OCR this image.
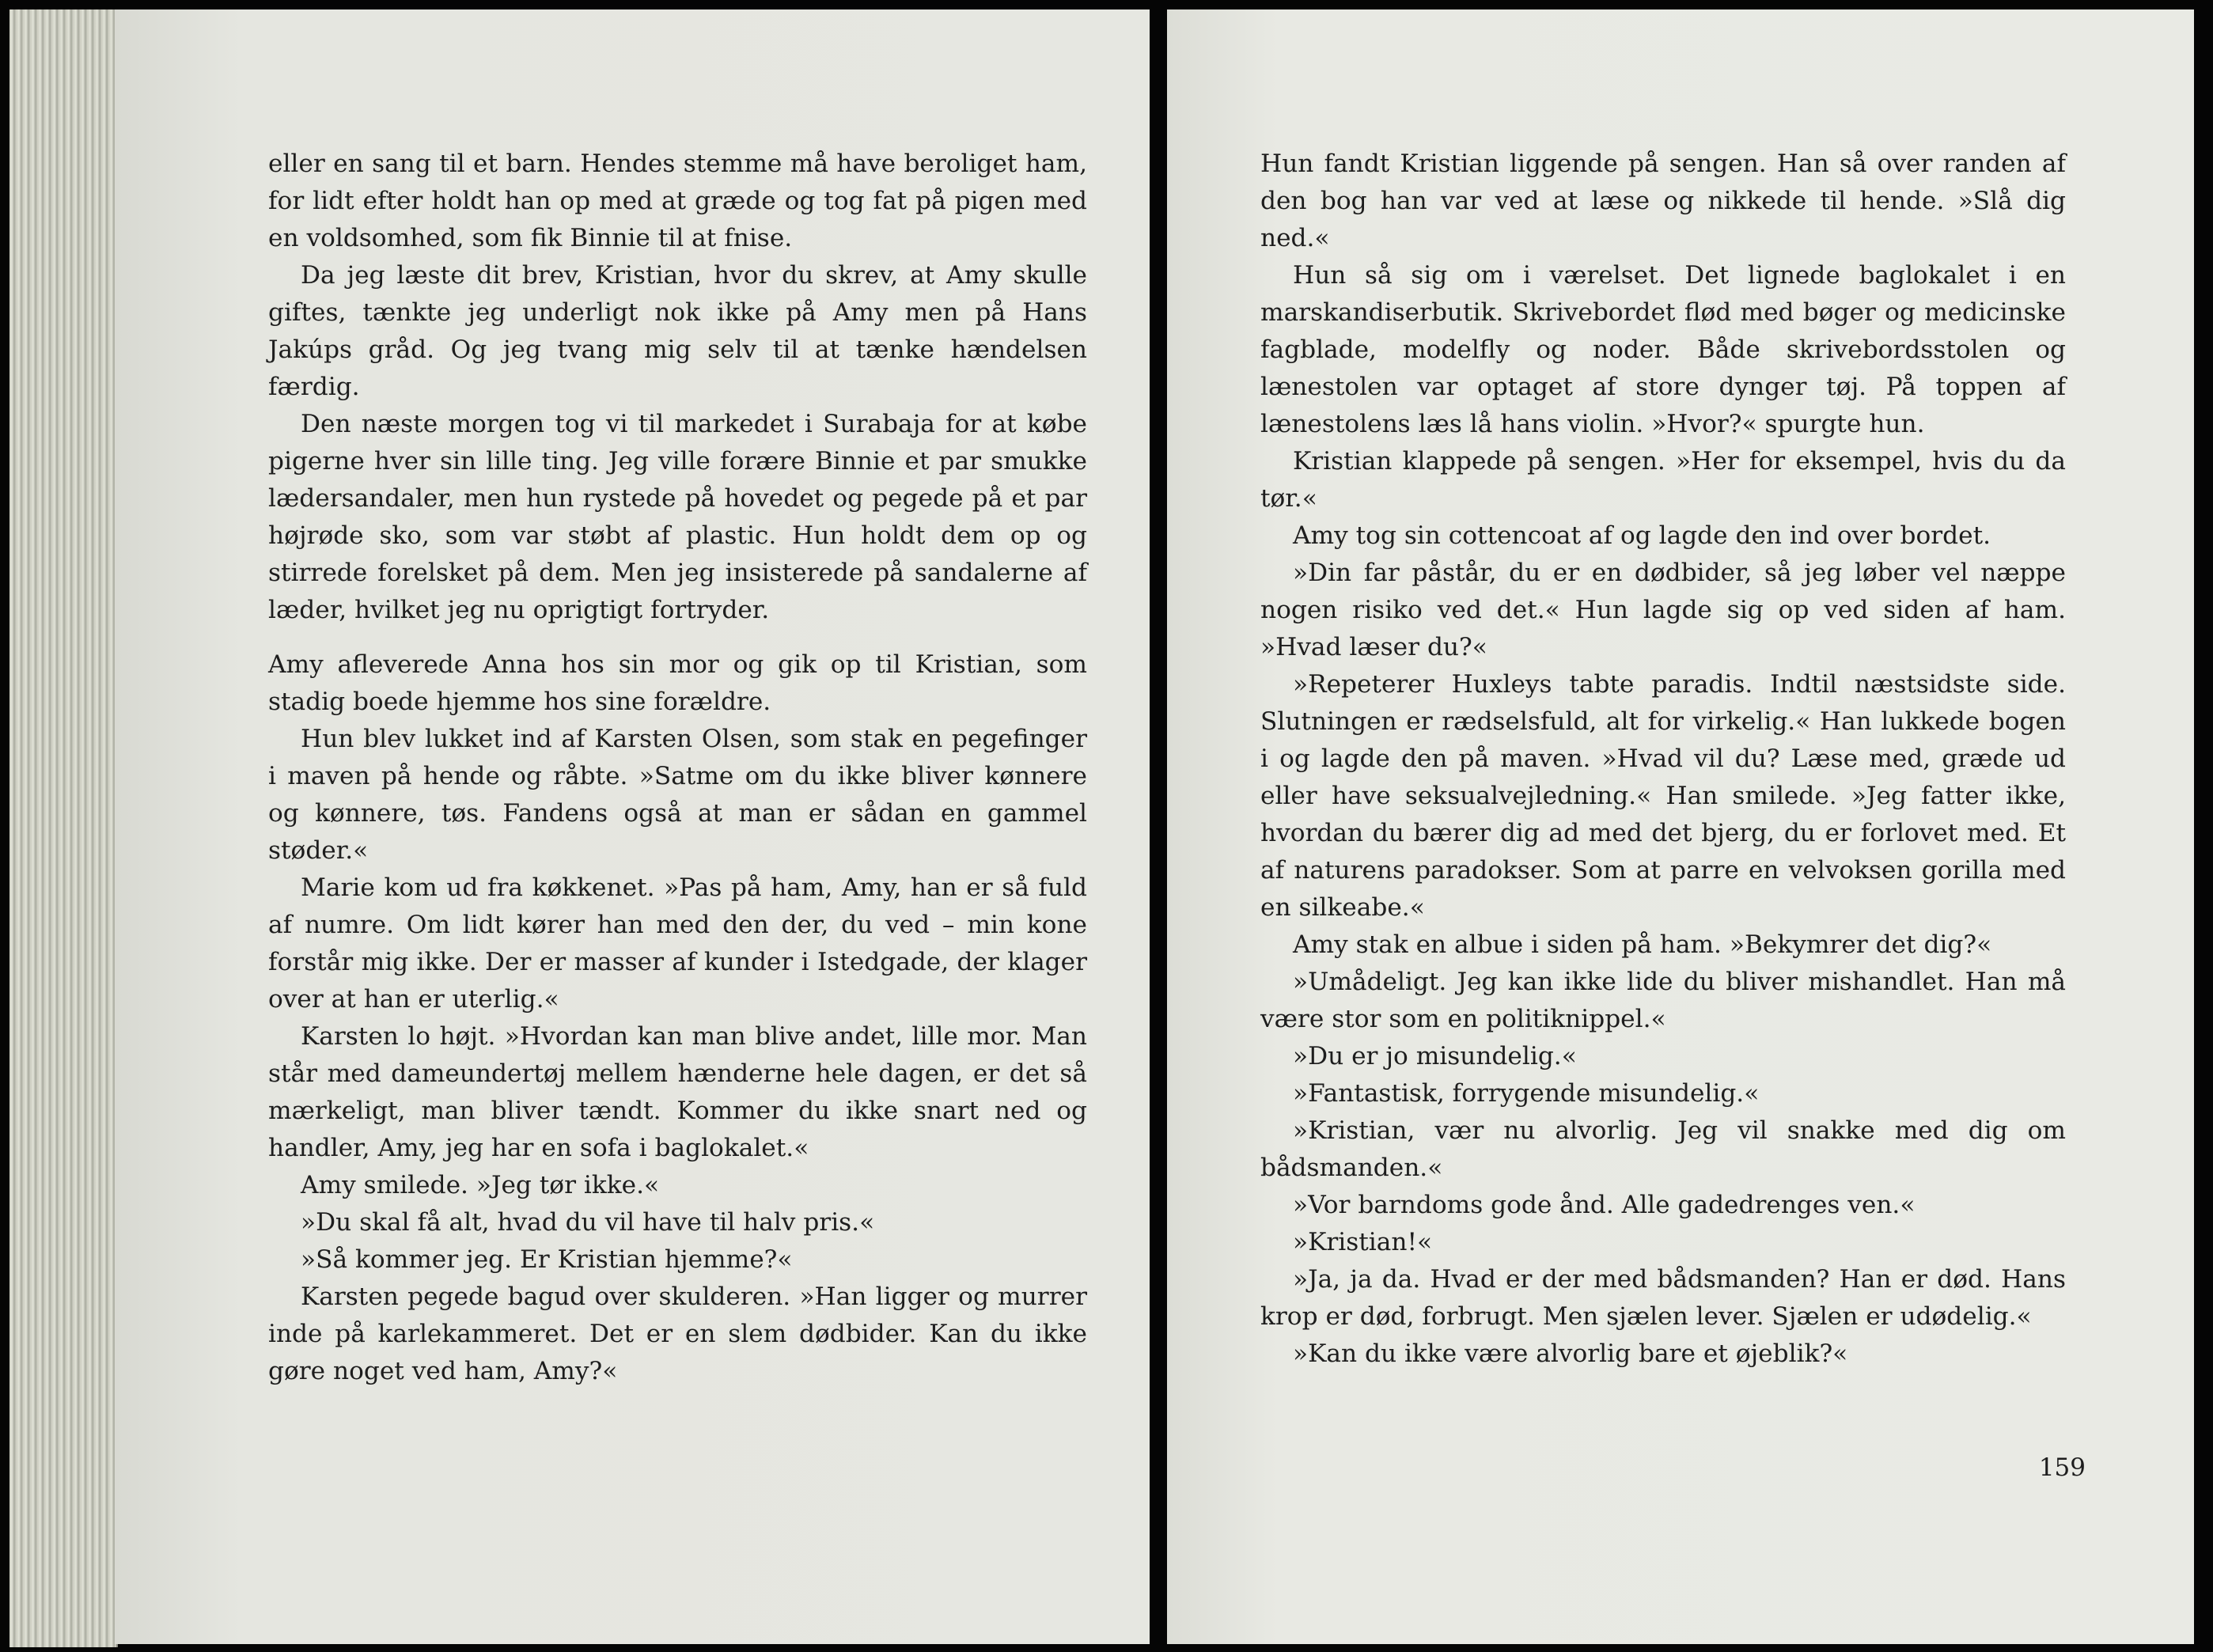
eller en sang til et barn. Hendes stemme må have beroliget ham, for lidt efter holdt han op med at græde og tog fat på pigen med en voldsomhed, som fik Binnie til at fnise.

Da jeg læste dit brev, Kristian, hvor du skrev, at Amy skulle giftes, tænkte jeg underligt nok ikke på Amy men på Hans Jakúps gråd. Og jeg tvang mig selv til at tænke hændelsen færdig.

Den næste morgen tog vi til markedet i Surabaja for at købe pigerne hver sin lille ting. Jeg ville forære Binnie et par smukke lædersandaler, men hun rystede på hovedet og pegede på et par højrøde sko, som var støbt af plastic. Hun holdt dem op og stirrede forelsket på dem. Men jeg insisterede på sandalerne af læder, hvilket jeg nu oprigtigt fortryder.

Amy afleverede Anna hos sin mor og gik op til Kristian, som stadig boede hjemme hos sine forældre.

Hun blev lukket ind af Karsten Olsen, som stak en pegefinger i maven på hende og råbte. »Satme om du ikke bliver kønnere og kønnere, tøs. Fandens også at man er sådan en gammel støder.«

Marie kom ud fra køkkenet. »Pas på ham, Amy, han er så fuld af numre. Om lidt kører han med den der, du ved – min kone forstår mig ikke. Der er masser af kunder i Istedgade, der klager over at han er uterlig.«

Karsten lo højt. »Hvordan kan man blive andet, lille mor. Man står med dameundertøj mellem hænderne hele dagen, er det så mærkeligt, man bliver tændt. Kommer du ikke snart ned og handler, Amy, jeg har en sofa i baglokalet.«

Amy smilede. »Jeg tør ikke.«

»Du skal få alt, hvad du vil have til halv pris.«

»Så kommer jeg. Er Kristian hjemme?«

Karsten pegede bagud over skulderen. »Han ligger og murrer inde på karlekammeret. Det er en slem dødbider. Kan du ikke gøre noget ved ham, Amy?«

Hun fandt Kristian liggende på sengen. Han så over randen af den bog han var ved at læse og nikkede til hende. »Slå dig ned.«

Hun så sig om i værelset. Det lignede baglokalet i en marskandiserbutik. Skrivebordet flød med bøger og medicinske fagblade, modelfly og noder. Både skrivebordsstolen og lænestolen var optaget af store dynger tøj. På toppen af lænestolens læs lå hans violin. »Hvor?« spurgte hun.

Kristian klappede på sengen. »Her for eksempel, hvis du da tør.«

Amy tog sin cottencoat af og lagde den ind over bordet.

»Din far påstår, du er en dødbider, så jeg løber vel næppe nogen risiko ved det.« Hun lagde sig op ved siden af ham. »Hvad læser du?«

»Repeterer Huxleys tabte paradis. Indtil næstsidste side. Slutningen er rædselsfuld, alt for virkelig.« Han lukkede bogen i og lagde den på maven. »Hvad vil du? Læse med, græde ud eller have seksualvejledning.« Han smilede. »Jeg fatter ikke, hvordan du bærer dig ad med det bjerg, du er forlovet med. Et af naturens paradokser. Som at parre en velvoksen gorilla med en silkeabe.«

Amy stak en albue i siden på ham. »Bekymrer det dig?«

»Umådeligt. Jeg kan ikke lide du bliver mishandlet. Han må være stor som en politiknippel.«

»Du er jo misundelig.«

»Fantastisk, forrygende misundelig.«

»Kristian, vær nu alvorlig. Jeg vil snakke med dig om bådsmanden.«

»Vor barndoms gode ånd. Alle gadedrenges ven.«

»Kristian!«

»Ja, ja da. Hvad er der med bådsmanden? Han er død. Hans krop er død, forbrugt. Men sjælen lever. Sjælen er udødelig.«

»Kan du ikke være alvorlig bare et øjeblik?«

159
